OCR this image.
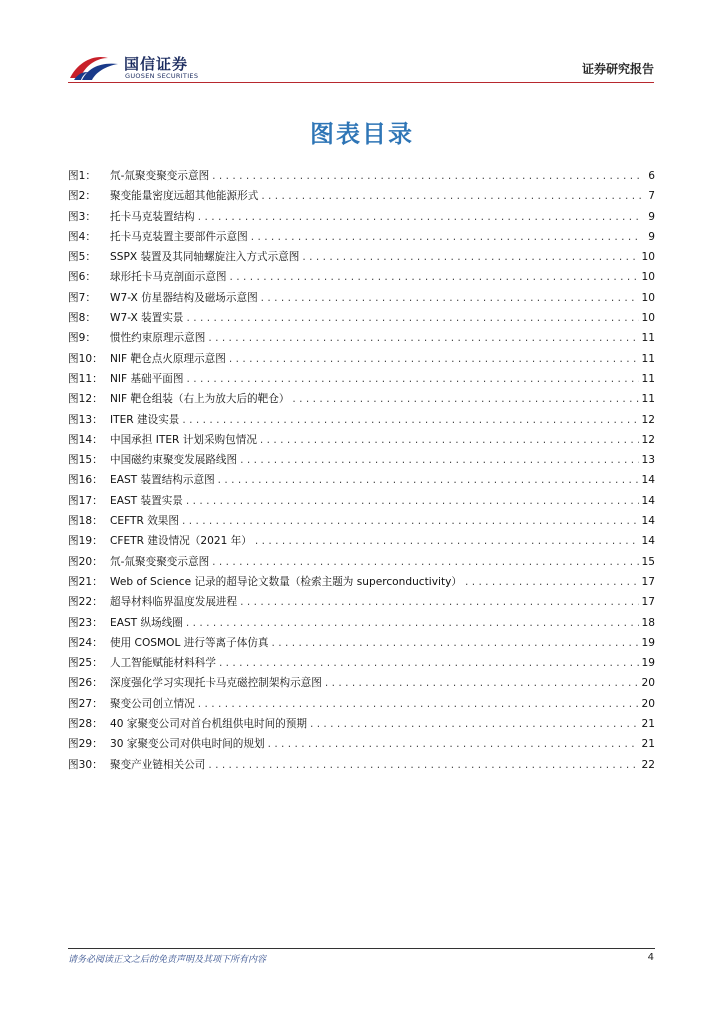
国信证券
GUOSEN SECURITIES	证券研究报告
图表目录
图1：	氘-氚聚变聚变示意图 . . .	6
图2：	聚变能量密度远超其他能源形式 . . .	7
图3：	托卡马克装置结构 . . .	9
图4：	托卡马克装置主要部件示意图 . . .	9
图5：	SSPX 装置及其同轴螺旋注入方式示意图 . . .	10
图6：	球形托卡马克剖面示意图 . . .	10
图7：	W7-X 仿星器结构及磁场示意图 . . .	10
图8：	W7-X 装置实景 . . .	10
图9：	惯性约束原理示意图 . . .	11
图10： NIF 靶仓点火原理示意图 . . .	11
图11： NIF 基础平面图 . . .	11
图12： NIF 靶仓组装（右上为放大后的靶仓） . . .	11
图13： ITER 建设实景 . . .	12
图14： 中国承担 ITER 计划采购包情况 . . .	12
图15： 中国磁约束聚变发展路线图 . . .	13
图16： EAST 装置结构示意图 . . .	14
图17： EAST 装置实景 . . .	14
图18： CEFTR 效果图 . . .	14
图19： CFETR 建设情况（2021 年） . . .	14
图20： 氘-氚聚变聚变示意图 . . .	15
图21： Web of Science 记录的超导论文数量（检索主题为 superconductivity） . . .	17
图22： 超导材料临界温度发展进程 . . .	17
图23： EAST 纵场线圈 . . .	18
图24： 使用 COSMOL 进行等离子体仿真 . . .	19
图25： 人工智能赋能材料科学 . . .	19
图26： 深度强化学习实现托卡马克磁控制架构示意图 . . .	20
图27： 聚变公司创立情况 . . .	20
图28： 40 家聚变公司对首台机组供电时间的预期 . . .	21
图29： 30 家聚变公司对供电时间的规划 . . .	21
图30： 聚变产业链相关公司 . . .	22
请务必阅读正文之后的免责声明及其项下所有内容	4
